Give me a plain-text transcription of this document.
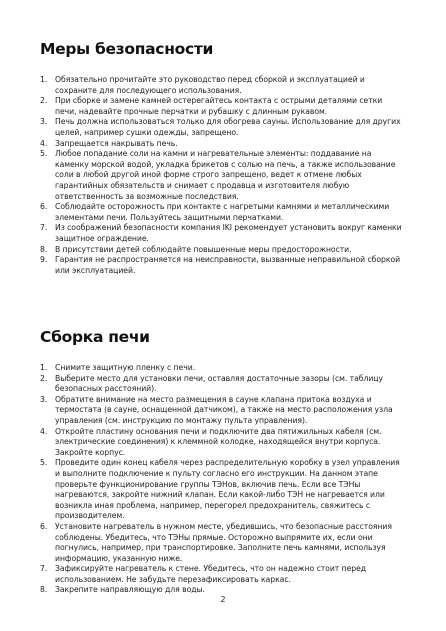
Меры безопасности
1. Обязательно прочитайте это руководство перед сборкой и эксплуатацией и сохраните для последующего использования.
2. При сборке и замене камней остерегайтесь контакта с острыми деталями сетки печи, надевайте прочные перчатки и рубашку с длинным рукавом.
3. Печь должна использоваться только для обогрева сауны. Использование для других целей, например сушки одежды, запрещено.
4. Запрещается накрывать печь.
5. Любое попадание соли на камни и нагревательные элементы: поддавание на каменку морской водой, укладка брикетов с солью на печь, а также использование соли в любой другой иной форме строго запрещено, ведет к отмене любых гарантийных обязательств и снимает с продавца и изготовителя любую ответственность за возможные последствия.
6. Соблюдайте осторожность при контакте с нагретыми камнями и металлическими элементами печи. Пользуйтесь защитными перчатками.
7. Из соображений безопасности компания IKI рекомендует установить вокруг каменки защитное ограждение.
8. В присутствии детей соблюдайте повышенные меры предосторожности.
9. Гарантия не распространяется на неисправности, вызванные неправильной сборкой или эксплуатацией.
Сборка печи
1. Снимите защитную пленку с печи.
2. Выберите место для установки печи, оставляя достаточные зазоры (см. таблицу безопасных расстояний).
3. Обратите внимание на место размещения в сауне клапана притока воздуха и термостата (в сауне, оснащенной датчиком), а также на место расположения узла управления (см. инструкцию по монтажу пульта управления).
4. Откройте пластину основания печи и подключите два пятижильных кабеля (см. электрические соединения) к клеммной колодке, находящейся внутри корпуса. Закройте корпус.
5. Проведите один конец кабеля через распределительную коробку в узел управления и выполните подключение к пульту согласно его инструкции. На данном этапе проверьте функционирование группы ТЭНов, включив печь. Если все ТЭНы нагреваются, закройте нижний клапан. Если какой-либо ТЭН не нагревается или возникла иная проблема, например, перегорел предохранитель, свяжитесь с производителем.
6. Установите нагреватель в нужном месте, убедившись, что безопасные расстояния соблюдены. Убедитесь, что ТЭНы прямые. Осторожно выпрямите их, если они погнулись, например, при транспортировке. Заполните печь камнями, используя информацию, указанную ниже.
7. Зафиксируйте нагреватель к стене. Убедитесь, что он надежно стоит перед использованием. Не забудьте перезафиксировать каркас.
8. Закрепите направляющую для воды.
2
